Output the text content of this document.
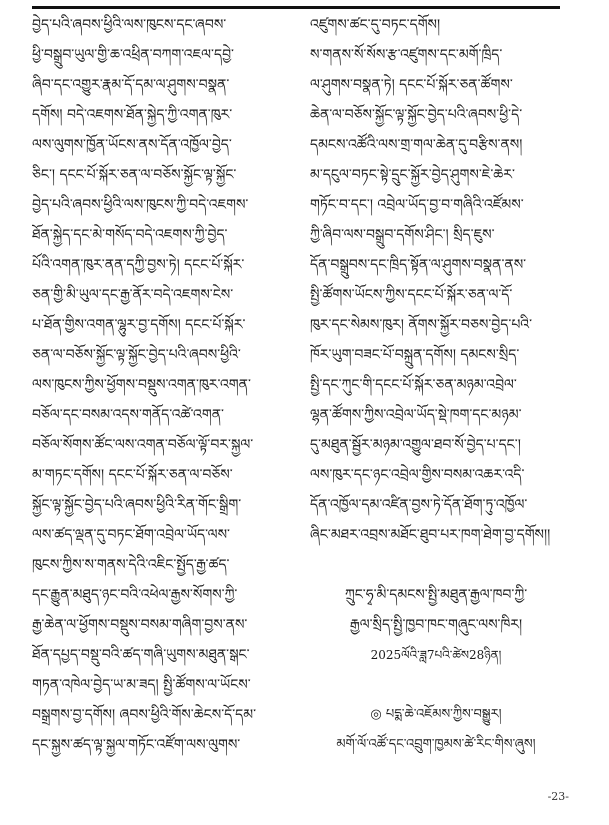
བྱེད་པའི་ཞབས་ཕྱིའི་ལས་ཁུངས་དང་ཞབས་
ཕྱི་བསྒྲུབ་ཡུལ་གྱི་ཆ་འཕྲིན་བཀག་འཇལ་དབྱེ་
ཞིབ་དང་འགྱུར་རྣམ་དོ་དམ་ལ་ཤུགས་བསྣན་
དགོས། བདེ་འཇགས་ཐོན་སྐྱེད་ཀྱི་འགན་ཁུར་
ལས་ལུགས་ཁྱོན་ཡོངས་ནས་དོན་འཁྱོལ་བྱེད་
ཅིང་། དངང་པོ་སྐོར་ཅན་ལ་བཅོས་སྐྱོང་ལྟ་སྐྱོང་
བྱེད་པའི་ཞབས་ཕྱིའི་ལས་ཁུངས་ཀྱི་བདེ་འཇགས་
ཐོན་སྐྱེད་དང་མེ་གསོད་བདེ་འཇགས་ཀྱི་བྱེད་
པོའི་འགན་ཁུར་ནན་དཀྱི་བྱས་ཏེ། དངང་པོ་སྐོར་
ཅན་གྱི་མི་ཡུལ་དང་རྒྱ་ནོར་བདེ་འཇགས་ངེས་
པ་ཐོན་གྱིས་འགན་ལྷུར་བྱ་དགོས། དངང་པོ་སྐོར་
ཅན་ལ་བཅོས་སྐྱོང་ལྟ་སྐྱོང་བྱེད་པའི་ཞབས་ཕྱིའི་
ལས་ཁུངས་ཀྱིས་ཕྱོགས་བསྡུས་འགན་ཁུར་འགན་
བཅོལ་དང་བསམ་འདས་གནོད་འཚེ་འགན་
བཅོལ་སོགས་ཚོང་ལས་འགན་བཅོལ་ལྟོ་བར་སྐྱལ་
མ་གཏང་དགོས། དངང་པོ་སྐོར་ཅན་ལ་བཅོས་
སྐྱོང་ལྟ་སྐྱོང་བྱེད་པའི་ཞབས་ཕྱིའི་རིན་གོང་སྒྲིག་
ལས་ཚད་ལྡན་དུ་བཏང་ཐོག་འབྲེལ་ཡོད་ལས་
ཁུངས་ཀྱིས་ས་གནས་དེའི་འཇིང་སྤྱོད་རྒྱ་ཚད་
དང་རྒྱུན་མཐུད་ཉང་བའི་འཕེལ་རྒྱས་སོགས་ཀྱི་
རྒྱ་ཆེན་ལ་ཕྱོགས་བསྡུས་བསམ་གཞིག་བྱས་ནས་
ཐོན་དཔྱད་བསྡུ་བའི་ཚད་གཞི་ཡུགས་མཐུན་སྒང་
གཏན་འཁེལ་བྱེད་ཡ་མ་ཟད། སྤྱི་ཚོགས་ལ་ཡོངས་
བསྒྲགས་བྱ་དགོས། ཞབས་ཕྱིའི་གོས་ཆེངས་དོ་དམ་
དང་སྐྱས་ཚད་ལྟ་སྐྱལ་གཏོང་འཛོག་ལས་ལུགས་
འཛུགས་ཚང་དུ་བཏང་དགོས།
ས་གནས་སོ་སོས་རྩ་འཛུགས་དང་མགོ་ཁྲིད་
ལ་ཤུགས་བསྣན་ཏེ། དངང་པོ་སྐོར་ཅན་ཚོགས་
ཆེན་ལ་བཅོས་སྐྱོང་ལྟ་སྐྱོང་བྱེད་པའི་ཞབས་ཕྱི་དེ་
དམངས་འཚོའི་ལས་གྲ་གལ་ཆེན་དུ་བརྩིས་ནས།
མ་དངུལ་བཏང་སྟེ་དྲུང་སྐྱོར་བྱེད་ཤུགས་ཇེ་ཆེར་
གཏོང་བ་དང་། འབྲེལ་ཡོད་བྱ་བ་གཞིའི་འཛོམས་
ཀྱི་ཞིབ་ལས་བསྒྲུབ་དགོས་ཤིང་། སྲིད་ཇུས་
དོན་བསྒྲུབས་དང་ཁྲིད་སྟོན་ལ་ཤུགས་བསྣན་ནས་
སྤྱི་ཚོགས་ཡོངས་ཀྱིས་དངང་པོ་སྐོར་ཅན་ལ་དོ་
ཁུར་དང་སེམས་ཁུར། ནོགས་སྐྱོར་བཅས་བྱེད་པའི་
ཁོར་ཡུག་བཟང་པོ་བསྐྲུན་དགོས། དམངས་སྲིད་
སྤྱི་དང་ཀུང་གི་དངང་པོ་སྐོར་ཅན་མཉམ་འབྲེལ་
ལྷན་ཚོགས་ཀྱིས་འབྲེལ་ཡོད་སྡེ་ཁག་དང་མཉམ་
དུ་མཐུན་སྦྱོར་མཉམ་འགྱུལ་ཐབ་སོ་བྱེད་པ་དང་།
ལས་ཁུར་དང་ཉང་འབྲེལ་གྱིས་བསམ་འཆར་འདི་
དོན་འཁྱོལ་དམ་འཛིན་བྱས་ཏེ་དོན་ཐོག་ཏུ་འཁྱོལ་
ཞིང་མཐར་འབྲས་མཐོང་ཐུབ་པར་ཁག་ཐེག་བྱ་དགོས།།
ཀྲུང་ཧྭ་མི་དམངས་སྤྱི་མཐུན་རྒྱལ་ཁབ་ཀྱི་
རྒྱལ་སྲིད་སྤྱི་ཁྱབ་ཁང་གཞུང་ལས་ཁིར།
2025ལོའི་ཟླ7པའི་ཚེས28ཉིན།
◎ པདྨ་ཆེ་འཇོམས་ཀྱིས་བསྒྱུར།
མགོ་ལོ་འཚོ་དང་འབྲུག་ཁྱམས་ཚེ་རིང་གིས་ཞུས།
-23-
